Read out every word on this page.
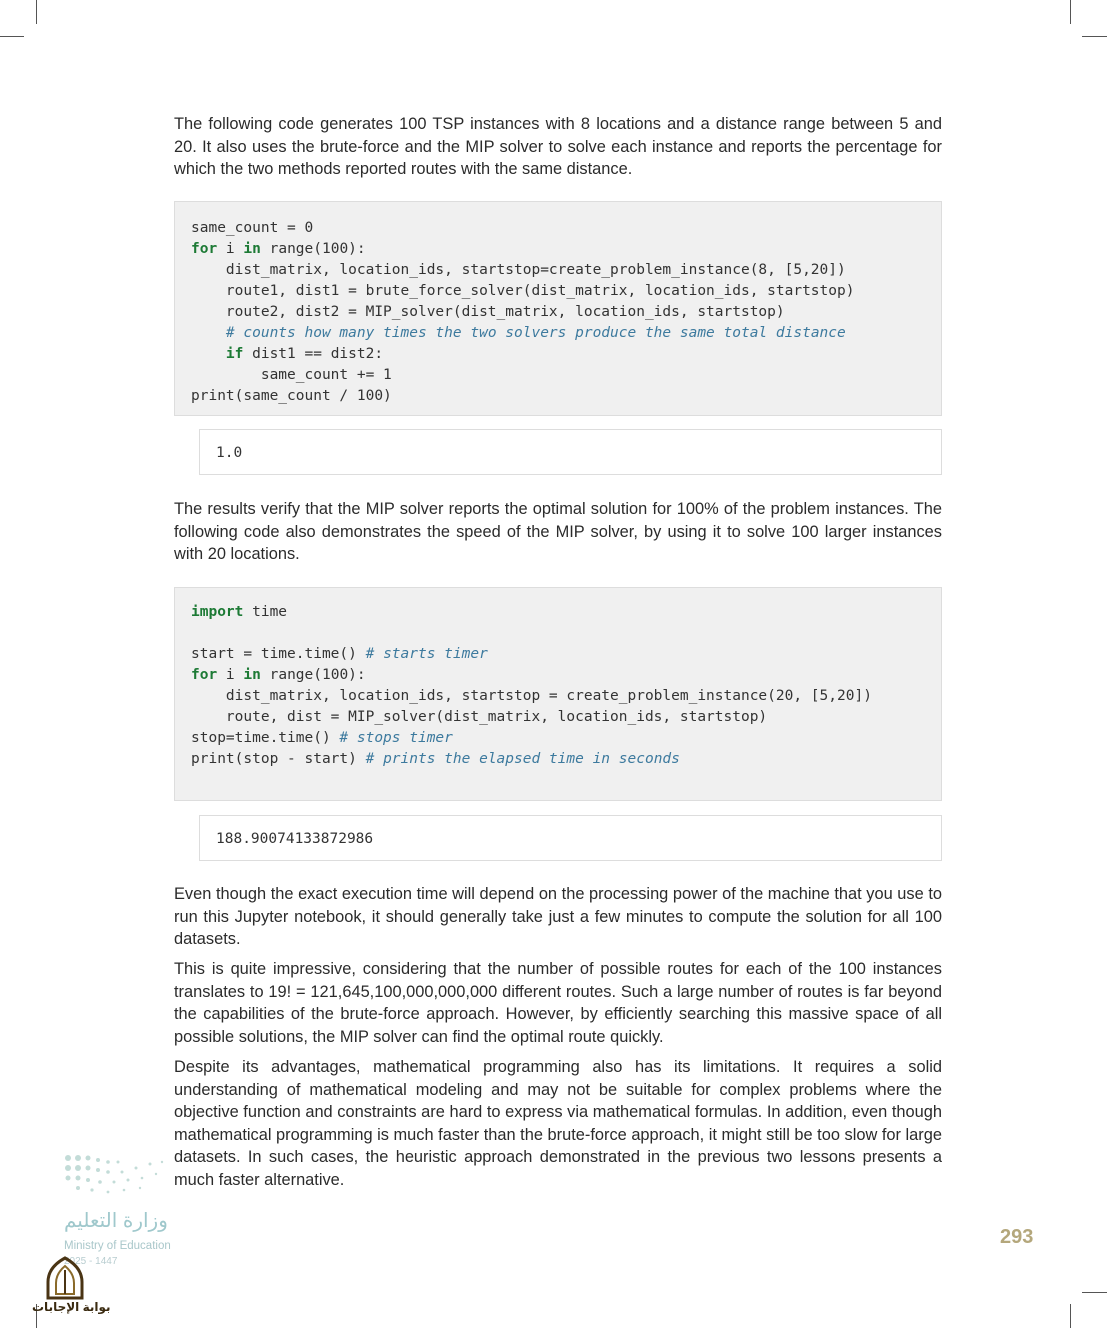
The following code generates 100 TSP instances with 8 locations and a distance range between 5 and 20. It also uses the brute-force and the MIP solver to solve each instance and reports the percentage for which the two methods reported routes with the same distance.

same_count = 0
for i in range(100):
dist_matrix, location_ids, startstop=create_problem_instance(8, [5,20])
route1, dist1 = brute_force_solver(dist_matrix, location_ids, startstop)
route2, dist2 = MIP_solver(dist_matrix, location_ids, startstop)
# counts how many times the two solvers produce the same total distance
if dist1 == dist2:
same_count += 1
print(same_count / 100)
1.0

The results verify that the MIP solver reports the optimal solution for 100% of the problem instances. The following code also demonstrates the speed of the MIP solver, by using it to solve 100 larger instances with 20 locations.

import time
start = time.time() # starts timer
for i in range(100):
dist_matrix, location_ids, startstop = create_problem_instance(20, [5,20])
route, dist = MIP_solver(dist_matrix, location_ids, startstop)
stop=time.time() # stops timer
print(stop - start) # prints the elapsed time in seconds
188.90074133872986

Even though the exact execution time will depend on the processing power of the machine that you use to run this Jupyter notebook, it should generally take just a few minutes to compute the solution for all 100 datasets.

This is quite impressive, considering that the number of possible routes for each of the 100 instances translates to 19! = 121,645,100,000,000,000 different routes. Such a large number of routes is far beyond the capabilities of the brute-force approach. However, by efficiently searching this massive space of all possible solutions, the MIP solver can find the optimal route quickly.

Despite its advantages, mathematical programming also has its limitations. It requires a solid understanding of mathematical modeling and may not be suitable for complex problems where the objective function and constraints are hard to express via mathematical formulas. In addition, even though mathematical programming is much faster than the brute-force approach, it might still be too slow for large datasets. In such cases, the heuristic approach demonstrated in the previous two lessons presents a much faster alternative.

وزارة التعليم
Ministry of Education
2025 - 1447
293
بوابة الإجابات
